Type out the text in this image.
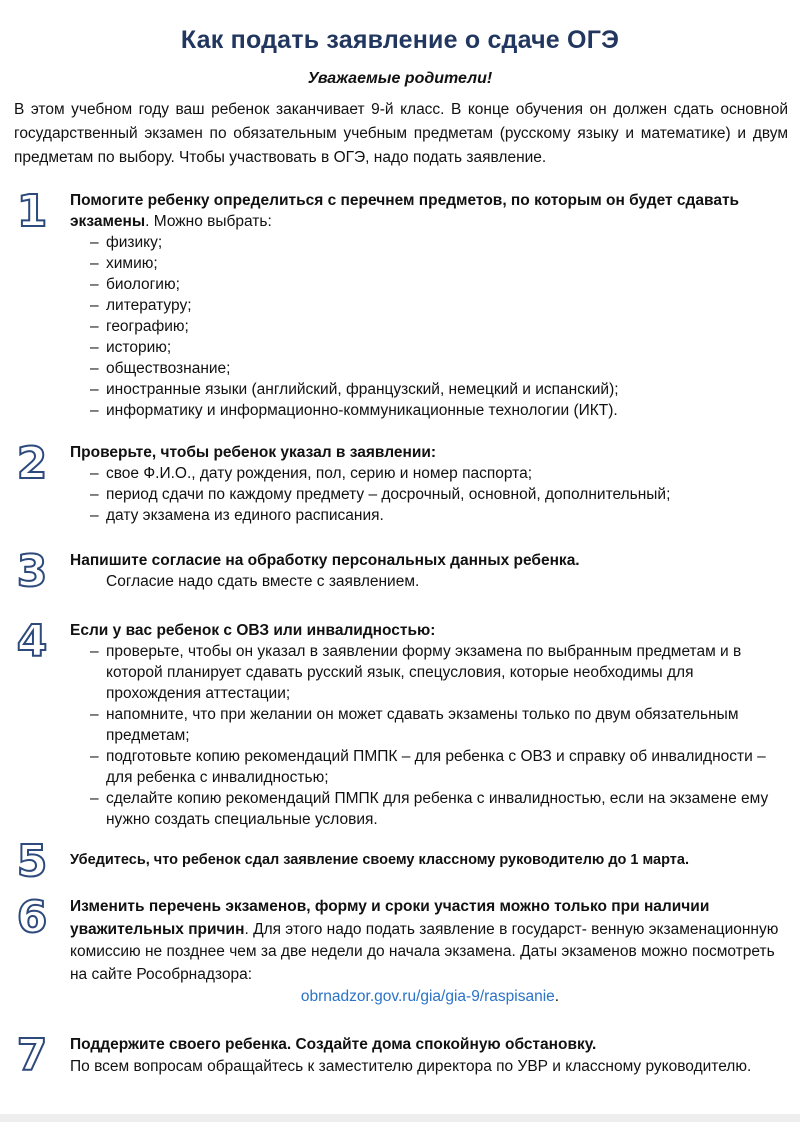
Как подать заявление о сдаче ОГЭ
Уважаемые родители!
В этом учебном году ваш ребенок заканчивает 9-й класс. В конце обучения он должен сдать основной государственный экзамен по обязательным учебным предметам (русскому языку и математике) и двум предметам по выбору. Чтобы участвовать в ОГЭ, надо подать заявление.
1	Помогите ребенку определиться с перечнем предметов, по которым он будет сдавать экзамены. Можно выбрать:
– физику;
– химию;
– биологию;
– литературу;
– географию;
– историю;
– обществознание;
– иностранные языки (английский, французский, немецкий и испанский);
– информатику и информационно-коммуникационные технологии (ИКТ).
2	Проверьте, чтобы ребенок указал в заявлении:
– свое Ф.И.О., дату рождения, пол, серию и номер паспорта;
– период сдачи по каждому предмету – досрочный, основной, дополнительный;
– дату экзамена из единого расписания.
3	Напишите согласие на обработку персональных данных ребенка.
Согласие надо сдать вместе с заявлением.
4	Если у вас ребенок с ОВЗ или инвалидностью:
– проверьте, чтобы он указал в заявлении форму экзамена по выбранным предметам и в которой планирует сдавать русский язык, спецусловия, которые необходимы для прохождения аттестации;
– напомните, что при желании он может сдавать экзамены только по двум обязательным предметам;
– подготовьте копию рекомендаций ПМПК – для ребенка с ОВЗ и справку об инвалидности – для ребенка с инвалидностью;
– сделайте копию рекомендаций ПМПК для ребенка с инвалидностью, если на экзамене ему нужно создать специальные условия.
5	Убедитесь, что ребенок сдал заявление своему классному руководителю до 1 марта.
6	Изменить перечень экзаменов, форму и сроки участия можно только при наличии уважительных причин. Для этого надо подать заявление в государст- венную экзаменационную комиссию не позднее чем за две недели до начала экзамена. Даты экзаменов можно посмотреть на сайте Рособрнадзора:
obrnadzor.gov.ru/gia/gia-9/raspisanie.
7	Поддержите своего ребенка. Создайте дома спокойную обстановку.
По всем вопросам обращайтесь к заместителю директора по УВР и классному руководителю.
